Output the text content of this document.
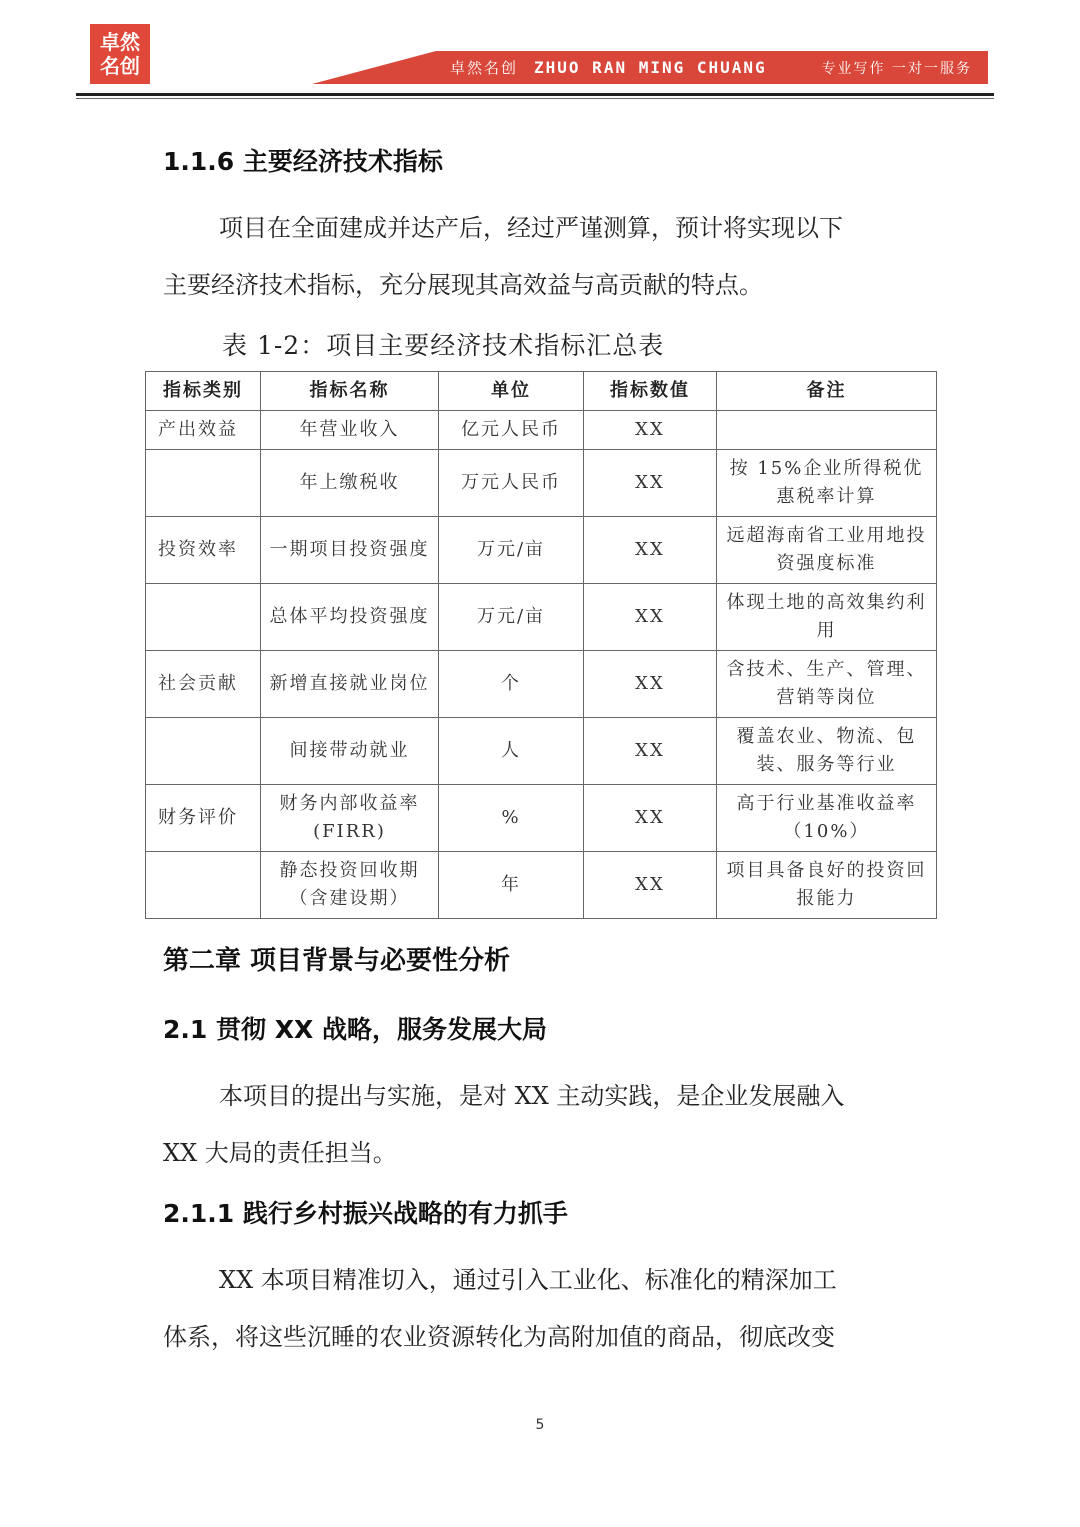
卓然
名创	卓然名创 ZHUO RAN MING CHUANG	专业写作 一对一服务
1.1.6 主要经济技术指标

项目在全面建成并达产后，经过严谨测算，预计将实现以下
主要经济技术指标，充分展现其高效益与高贡献的特点。

表 1-2：项目主要经济技术指标汇总表
指标类别	指标名称	单位	指标数值	备注
产出效益	年营业收入	亿元人民币	XX	
	年上缴税收	万元人民币	XX	按 15%企业所得税优惠税率计算
投资效率	一期项目投资强度	万元/亩	XX	远超海南省工业用地投资强度标准
	总体平均投资强度	万元/亩	XX	体现土地的高效集约利用
社会贡献	新增直接就业岗位	个	XX	含技术、生产、管理、营销等岗位
	间接带动就业	人	XX	覆盖农业、物流、包装、服务等行业
财务评价	财务内部收益率(FIRR)	%	XX	高于行业基准收益率（10%）
	静态投资回收期（含建设期）	年	XX	项目具备良好的投资回报能力
第二章 项目背景与必要性分析
2.1 贯彻 XX 战略，服务发展大局

本项目的提出与实施，是对 XX 主动实践，是企业发展融入
XX 大局的责任担当。

2.1.1 践行乡村振兴战略的有力抓手

XX 本项目精准切入，通过引入工业化、标准化的精深加工
体系，将这些沉睡的农业资源转化为高附加值的商品，彻底改变

5
